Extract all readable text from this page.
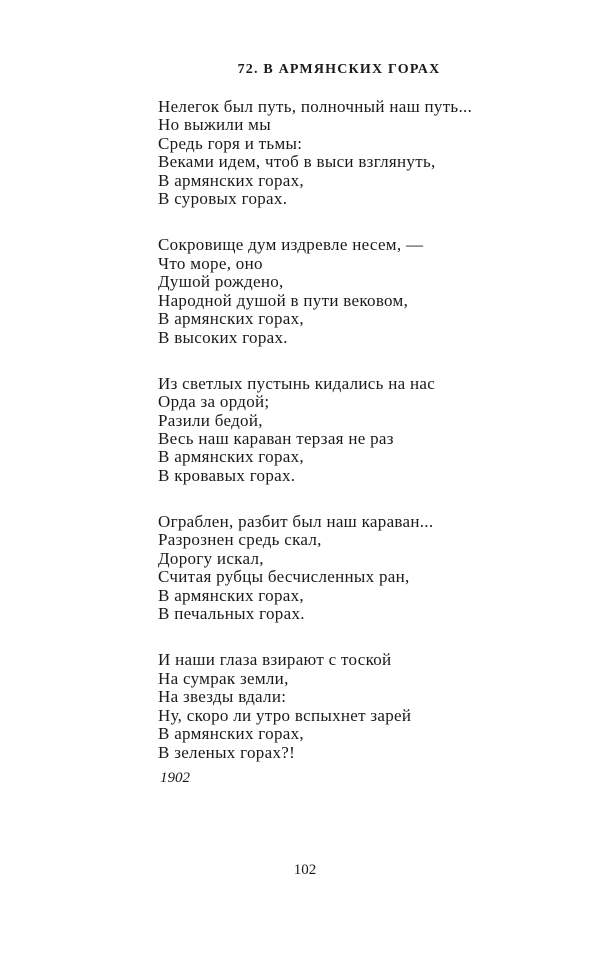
72. В АРМЯНСКИХ ГОРАХ
Нелегок был путь, полночный наш путь...
Но выжили мы
Средь горя и тьмы:
Веками идем, чтоб в выси взглянуть,
В армянских горах,
В суровых горах.
Сокровище дум издревле несем, —
Что море, оно
Душой рождено,
Народной душой в пути вековом,
В армянских горах,
В высоких горах.
Из светлых пустынь кидались на нас
Орда за ордой;
Разили бедой,
Весь наш караван терзая не раз
В армянских горах,
В кровавых горах.
Ограблен, разбит был наш караван...
Разрознен средь скал,
Дорогу искал,
Считая рубцы бесчисленных ран,
В армянских горах,
В печальных горах.
И наши глаза взирают с тоской
На сумрак земли,
На звезды вдали:
Ну, скоро ли утро вспыхнет зарей
В армянских горах,
В зеленых горах?!
1902
102
